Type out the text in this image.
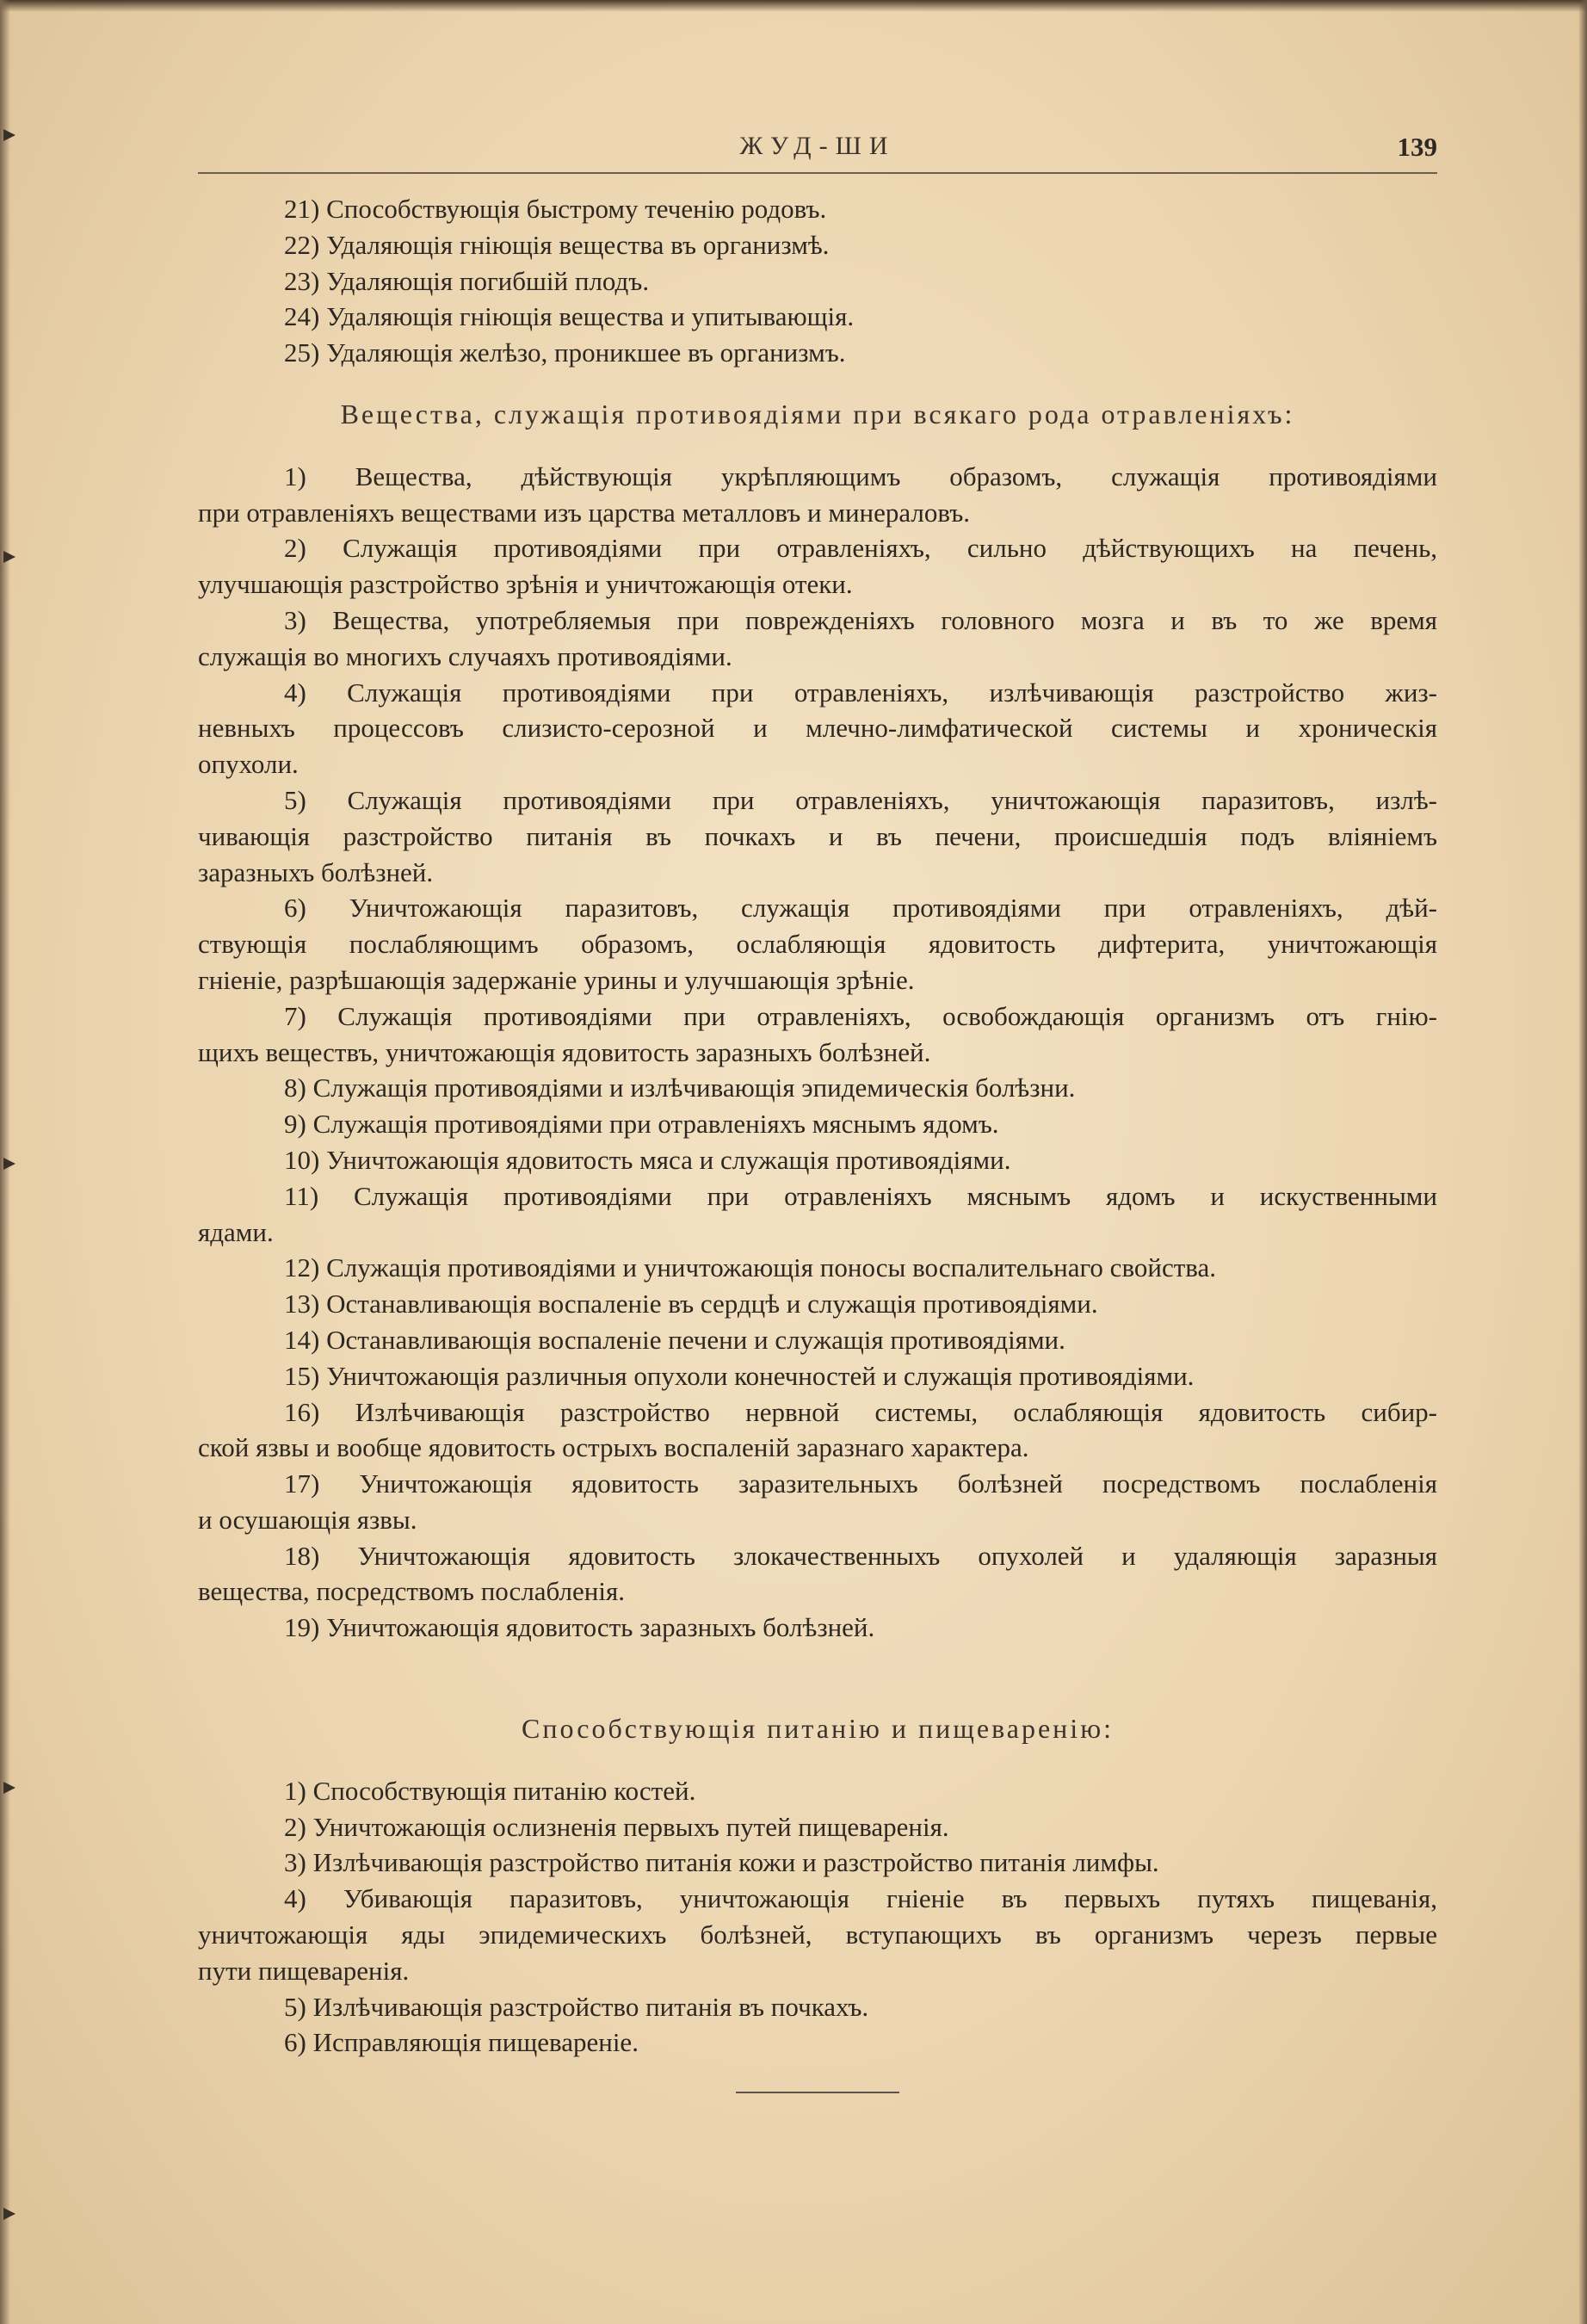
ЖУД-ШИ	139
21) Способствующія быстрому теченію родовъ.
22) Удаляющія гніющія вещества въ организмѣ.
23) Удаляющія погибшій плодъ.
24) Удаляющія гніющія вещества и упитывающія.
25) Удаляющія желѣзо, проникшее въ организмъ.
Вещества, служащія противоядіями при всякаго рода отравленіяхъ:
1) Вещества, дѣйствующія укрѣпляющимъ образомъ, служащія противоядіями
при отравленіяхъ веществами изъ царства металловъ и минераловъ.
2) Служащія противоядіями при отравленіяхъ, сильно дѣйствующихъ на печень,
улучшающія разстройство зрѣнія и уничтожающія отеки.
3) Вещества, употребляемыя при поврежденіяхъ головного мозга и въ то же время
служащія во многихъ случаяхъ противоядіями.
4) Служащія противоядіями при отравленіяхъ, излѣчивающія разстройство жиз-
невныхъ процессовъ слизисто-серозной и млечно-лимфатической системы и хроническія
опухоли.
5) Служащія противоядіями при отравленіяхъ, уничтожающія паразитовъ, излѣ-
чивающія разстройство питанія въ почкахъ и въ печени, происшедшія подъ вліяніемъ
заразныхъ болѣзней.
6) Уничтожающія паразитовъ, служащія противоядіями при отравленіяхъ, дѣй-
ствующія послабляющимъ образомъ, ослабляющія ядовитость дифтерита, уничтожающія
гніеніе, разрѣшающія задержаніе урины и улучшающія зрѣніе.
7) Служащія противоядіями при отравленіяхъ, освобождающія организмъ отъ гнію-
щихъ веществъ, уничтожающія ядовитость заразныхъ болѣзней.
8) Служащія противоядіями и излѣчивающія эпидемическія болѣзни.
9) Служащія противоядіями при отравленіяхъ мяснымъ ядомъ.
10) Уничтожающія ядовитость мяса и служащія противоядіями.
11) Служащія противоядіями при отравленіяхъ мяснымъ ядомъ и искуственными
ядами.
12) Служащія противоядіями и уничтожающія поносы воспалительнаго свойства.
13) Останавливающія воспаленіе въ сердцѣ и служащія противоядіями.
14) Останавливающія воспаленіе печени и служащія противоядіями.
15) Уничтожающія различныя опухоли конечностей и служащія противоядіями.
16) Излѣчивающія разстройство нервной системы, ослабляющія ядовитость сибир-
ской язвы и вообще ядовитость острыхъ воспаленій заразнаго характера.
17) Уничтожающія ядовитость заразительныхъ болѣзней посредствомъ послабленія
и осушающія язвы.
18) Уничтожающія ядовитость злокачественныхъ опухолей и удаляющія заразныя
вещества, посредствомъ послабленія.
19) Уничтожающія ядовитость заразныхъ болѣзней.
Способствующія питанію и пищеваренію:
1) Способствующія питанію костей.
2) Уничтожающія ослизненія первыхъ путей пищеваренія.
3) Излѣчивающія разстройство питанія кожи и разстройство питанія лимфы.
4) Убивающія паразитовъ, уничтожающія гніеніе въ первыхъ путяхъ пищеванія,
уничтожающія яды эпидемическихъ болѣзней, вступающихъ въ организмъ черезъ первые
пути пищеваренія.
5) Излѣчивающія разстройство питанія въ почкахъ.
6) Исправляющія пищевареніе.
